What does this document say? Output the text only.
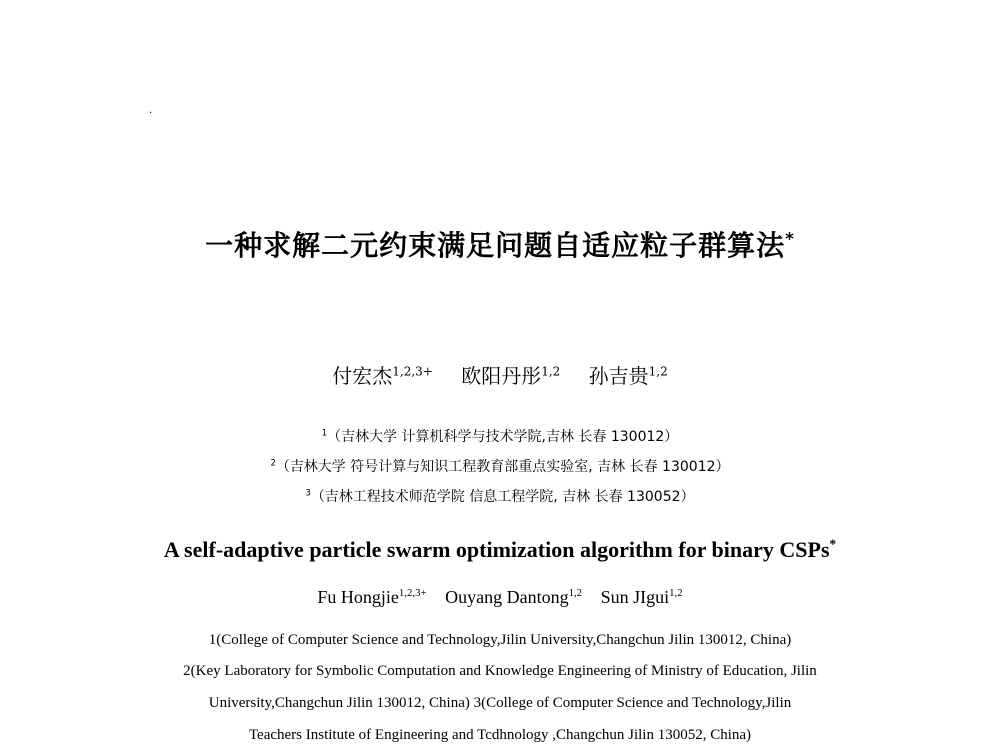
·
一种求解二元约束满足问题自适应粒子群算法*
付宏杰$^{1,2,3+}$ 欧阳丹彤$^{1,2}$ 孙吉贵$^{1,2}$
$^1$（吉林大学 计算机科学与技术学院,吉林 长春 130012）
$^2$（吉林大学 符号计算与知识工程教育部重点实验室, 吉林 长春 130012）
$^3$（吉林工程技术师范学院 信息工程学院, 吉林 长春 130052）
A self-adaptive particle swarm optimization algorithm for binary CSPs*
Fu Hongjie$^{1,2,3+}$ Ouyang Dantong$^{1,2}$ Sun JIgui$^{1,2}$
1(College of Computer Science and Technology,Jilin University,Changchun Jilin 130012, China)
2(Key Laboratory for Symbolic Computation and Knowledge Engineering of Ministry of Education, Jilin
University,Changchun Jilin 130012, China) 3(College of Computer Science and Technology,Jilin
Teachers Institute of Engineering and Tcdhnology ,Changchun Jilin 130052, China)
